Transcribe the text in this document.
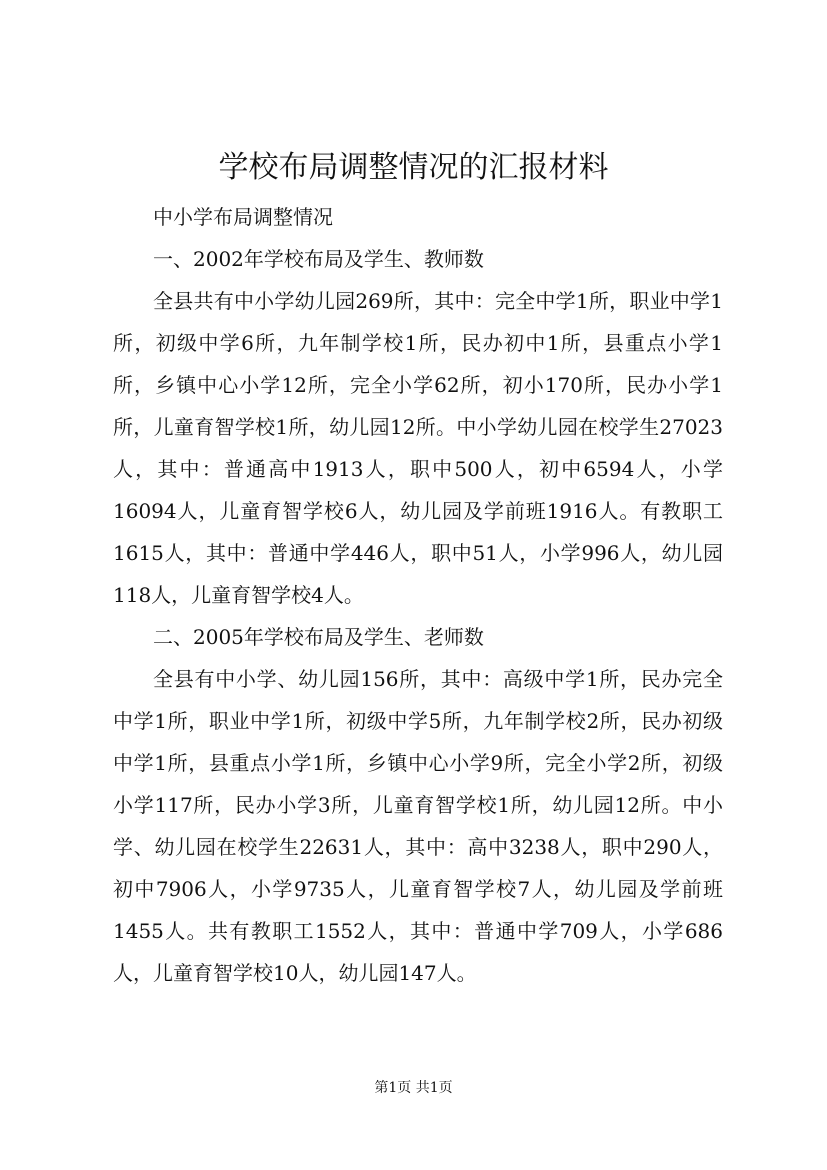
学校布局调整情况的汇报材料

中小学布局调整情况

一、2002年学校布局及学生、教师数

全县共有中小学幼儿园269所，其中：完全中学1所，职业中学1所，初级中学6所，九年制学校1所，民办初中1所，县重点小学1所，乡镇中心小学12所，完全小学62所，初小170所，民办小学1所，儿童育智学校1所，幼儿园12所。中小学幼儿园在校学生27023人，其中：普通高中1913人，职中500人，初中6594人，小学16094人，儿童育智学校6人，幼儿园及学前班1916人。有教职工1615人，其中：普通中学446人，职中51人，小学996人，幼儿园118人，儿童育智学校4人。

二、2005年学校布局及学生、老师数

全县有中小学、幼儿园156所，其中：高级中学1所，民办完全中学1所，职业中学1所，初级中学5所，九年制学校2所，民办初级中学1所，县重点小学1所，乡镇中心小学9所，完全小学2所，初级小学117所，民办小学3所，儿童育智学校1所，幼儿园12所。中小学、幼儿园在校学生22631人，其中：高中3238人，职中290人，初中7906人，小学9735人，儿童育智学校7人，幼儿园及学前班1455人。共有教职工1552人，其中：普通中学709人，小学686人，儿童育智学校10人，幼儿园147人。

第1页 共1页
